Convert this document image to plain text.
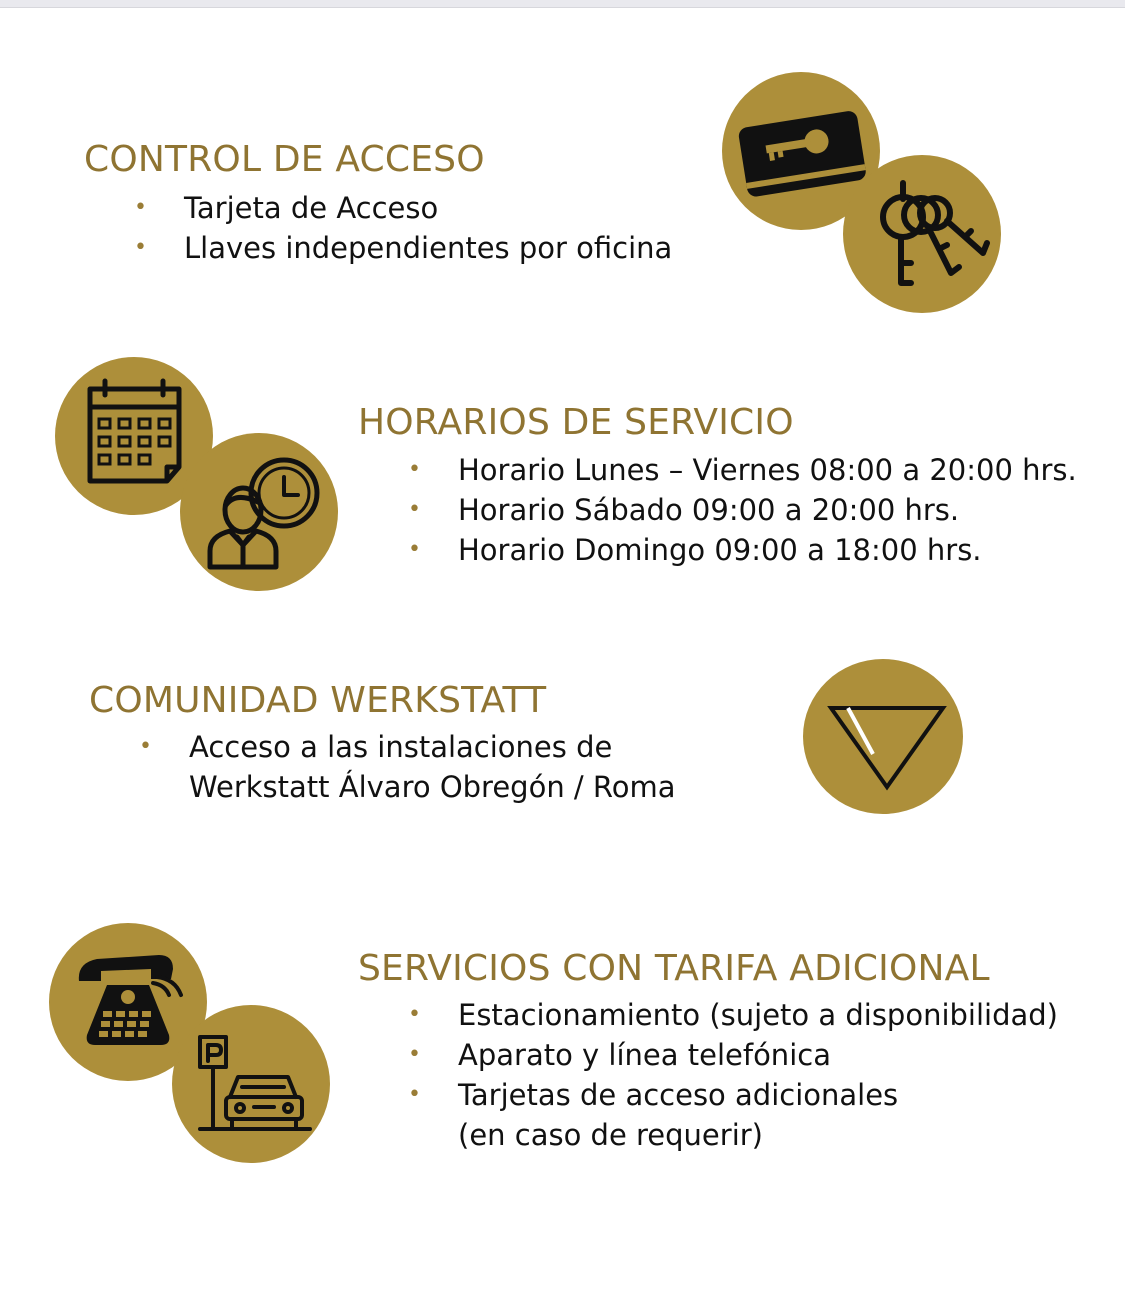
CONTROL DE ACCESO
• Tarjeta de Acceso
• Llaves independientes por oficina
HORARIOS DE SERVICIO
• Horario Lunes – Viernes 08:00 a 20:00 hrs.
• Horario Sábado 09:00 a 20:00 hrs.
• Horario Domingo 09:00 a 18:00 hrs.
COMUNIDAD WERKSTATT
• Acceso a las instalaciones de
Werkstatt Álvaro Obregón / Roma
SERVICIOS CON TARIFA ADICIONAL
• Estacionamiento (sujeto a disponibilidad)
• Aparato y línea telefónica
• Tarjetas de acceso adicionales
(en caso de requerir)
